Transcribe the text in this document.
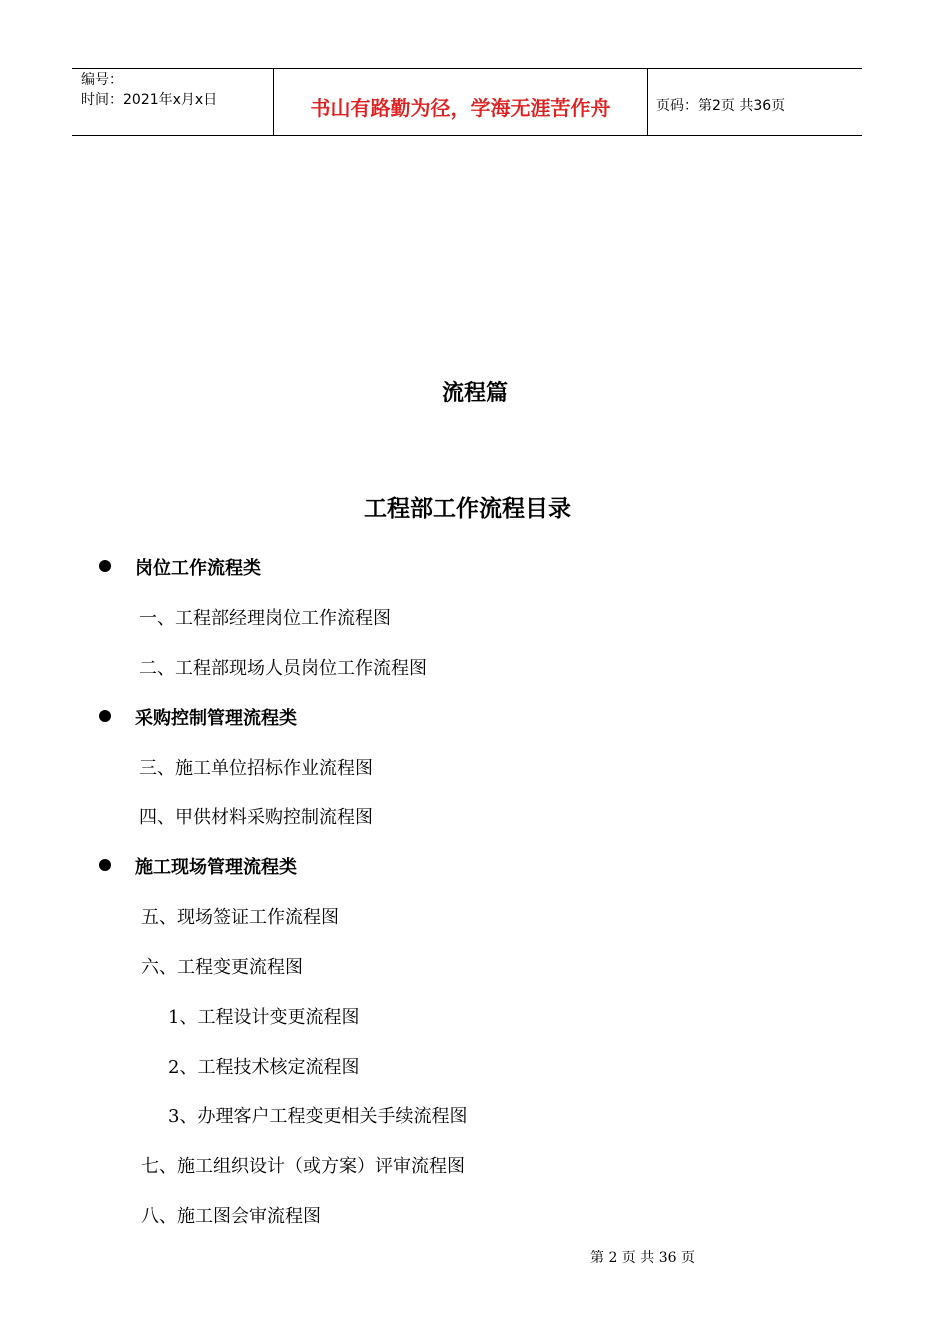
编号：
时间：2021年x月x日	书山有路勤为径，学海无涯苦作舟	页码：第2页 共36页
流程篇
工程部工作流程目录
岗位工作流程类
一、工程部经理岗位工作流程图
二、工程部现场人员岗位工作流程图
采购控制管理流程类
三、施工单位招标作业流程图
四、甲供材料采购控制流程图
施工现场管理流程类
五、现场签证工作流程图
六、工程变更流程图
1、工程设计变更流程图
2、工程技术核定流程图
3、办理客户工程变更相关手续流程图
七、施工组织设计（或方案）评审流程图
八、施工图会审流程图
第 2 页 共 36 页
